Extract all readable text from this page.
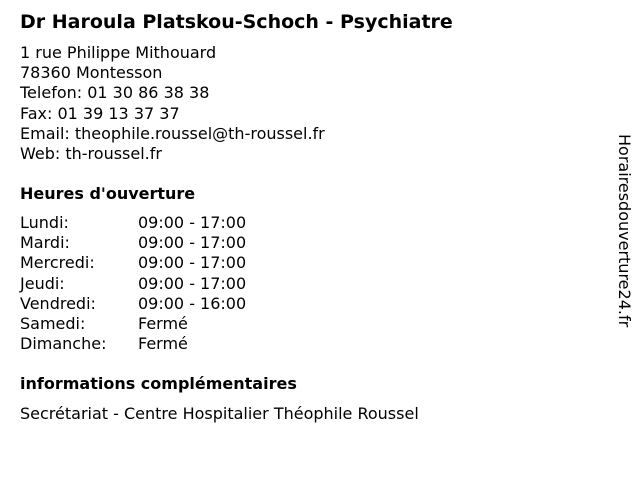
Dr Haroula Platskou-Schoch - Psychiatre
1 rue Philippe Mithouard
78360 Montesson
Telefon: 01 30 86 38 38
Fax: 01 39 13 37 37
Email: theophile.roussel@th-roussel.fr
Web: th-roussel.fr
Heures d'ouverture
Lundi:	09:00 - 17:00
Mardi:	09:00 - 17:00
Mercredi:	09:00 - 17:00
Jeudi:	09:00 - 17:00
Vendredi:	09:00 - 16:00
Samedi:	Fermé
Dimanche: Fermé
informations complémentaires
Secrétariat - Centre Hospitalier Théophile Roussel
Horairesdouverture24.fr
